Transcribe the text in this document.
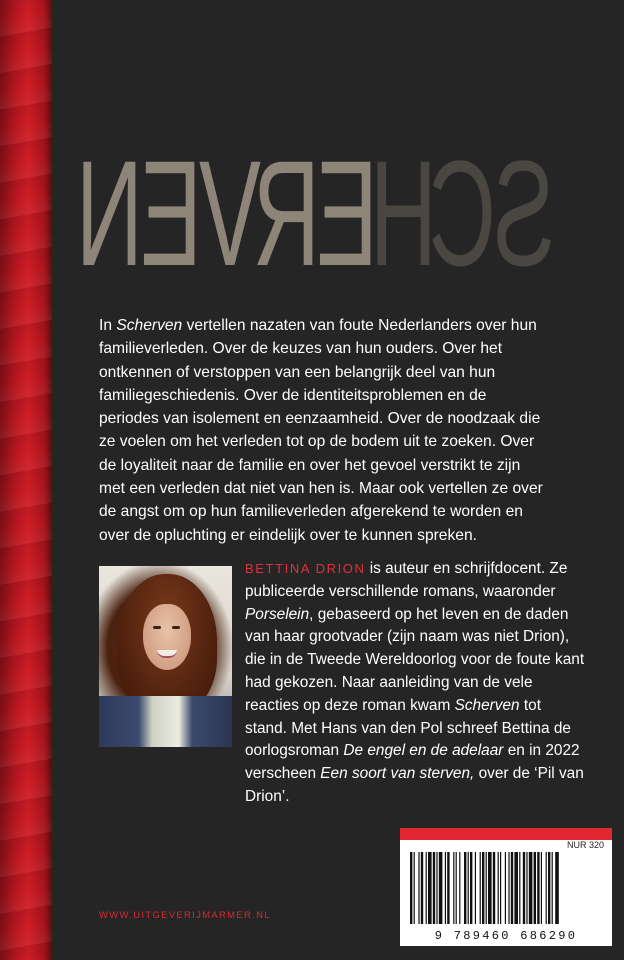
S
C
H
E
R
V
E
N

In Scherven vertellen nazaten van foute Nederlanders over hun familieverleden. Over de keuzes van hun ouders. Over het ontkennen of verstoppen van een belangrijk deel van hun familiegeschiedenis. Over de identiteitsproblemen en de periodes van isolement en eenzaamheid. Over de noodzaak die ze voelen om het verleden tot op de bodem uit te zoeken. Over de loyaliteit naar de familie en over het gevoel verstrikt te zijn met een verleden dat niet van hen is. Maar ook vertellen ze over de angst om op hun familieverleden afgerekend te worden en over de opluchting er eindelijk over te kunnen spreken.

BETTINA DRION is auteur en schrijfdocent. Ze publiceerde verschillende romans, waaronder Porselein, gebaseerd op het leven en de daden van haar grootvader (zijn naam was niet Drion), die in de Tweede Wereldoorlog voor de foute kant had gekozen. Naar aanleiding van de vele reacties op deze roman kwam Scherven tot stand. Met Hans van den Pol schreef Bettina de oorlogsroman De engel en de adelaar en in 2022 verscheen Een soort van sterven, over de ‘Pil van Drion’.

WWW.UITGEVERIJMARMER.NL
NUR 320
9 789460 686290
